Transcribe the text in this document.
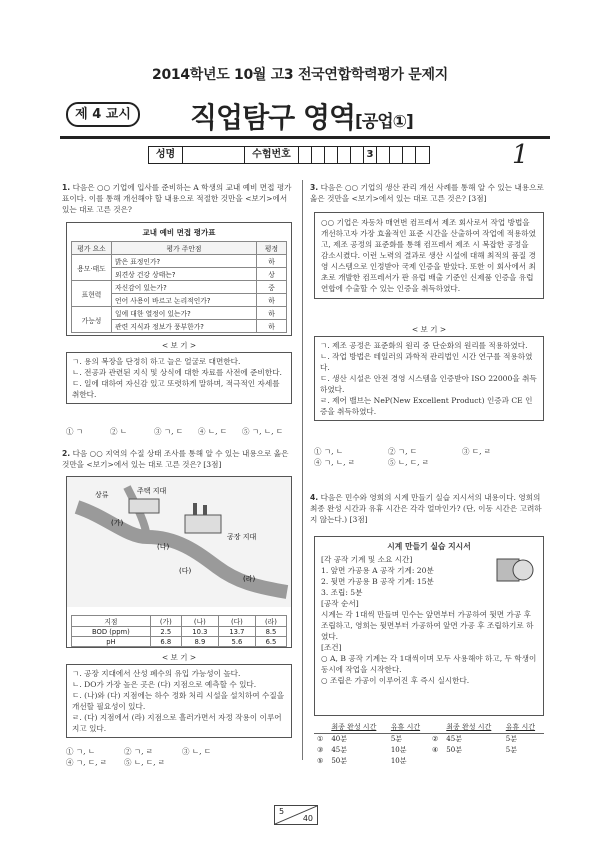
2014학년도 10월 고3 전국연합학력평가 문제지
제 4 교시	직업탐구 영역[공업①]
성명	수험번호	3	1
1. 다음은 ○○ 기업에 입사를 준비하는 A 학생의 교내 예비 면접 평가표이다. 이를 통해 개선해야 할 내용으로 적절한 것만을 <보기>에서 있는 대로 고른 것은?
교내 예비 면접 평가표
평가 요소	평가 주안점	평정
용모·태도	밝은 표정인가?	하
	외견상 건강 상태는?	상
표현력	자신감이 있는가?	중
	언어 사용이 바르고 논리적인가?	하
가능성	일에 대한 열정이 있는가?	하
	관련 지식과 정보가 풍부한가?	하
< 보 기 >
ㄱ. 용의 복장을 단정히 하고 늘은 얼굴로 대면한다.
ㄴ. 전공과 관련된 지식 및 상식에 대한 자료를 사전에 준비한다.
ㄷ. 일에 대하여 자신감 있고 또렷하게 말하며, 적극적인 자세를 취한다.
① ㄱ	② ㄴ	③ ㄱ, ㄷ	④ ㄴ, ㄷ	⑤ ㄱ, ㄴ, ㄷ
2. 다음 ○○ 지역의 수질 상태 조사를 통해 알 수 있는 내용으로 옳은 것만을 <보기>에서 있는 대로 고른 것은? [3점]
상류	주택 지대
공장 지대
(가)
(나)
(다)
(라)
지점	(가)	(나)	(다)	(라)
BOD (ppm)	2.5	10.3	13.7	8.5
pH	6.8	8.9	5.6	6.5
< 보 기 >
ㄱ. 공장 지대에서 산성 폐수의 유입 가능성이 높다.
ㄴ. DO가 가장 높은 곳은 (다) 지점으로 예측할 수 있다.
ㄷ. (나)와 (다) 지점에는 하수 정화 처리 시설을 설치하여 수질을 개선할 필요성이 있다.
ㄹ. (다) 지점에서 (라) 지점으로 흘러가면서 자정 작용이 이루어지고 있다.
① ㄱ, ㄴ	② ㄱ, ㄹ	③ ㄴ, ㄷ
④ ㄱ, ㄷ, ㄹ	⑤ ㄴ, ㄷ, ㄹ
3. 다음은 ○○ 기업의 생산 관리 개선 사례를 통해 알 수 있는 내용으로 옳은 것만을 <보기>에서 있는 대로 고른 것은? [3점]
○○ 기업은 자동차 매연번 컴프레서 제조 회사로서 작업 방법을 개선하고자 가장 효율적인 표준 시간을 산출하여 작업에 적용하였고, 제조 공정의 표준화를 통해 컴프레서 제조 시 복잡한 공정을 감소시켰다. 이런 노력의 결과로 생산 시설에 대해 최적의 품질 경영 시스템으로 인정받아 국제 인증을 받았다. 또한 이 회사에서 최초로 개발한 컴프레서가 판 유럽 배출 기준인 신제품 인증을 유럽 연합에 수출할 수 있는 인증을 취득하였다.
< 보 기 >
ㄱ. 제조 공정은 표준화의 원리 중 단순화의 원리를 적용하였다.
ㄴ. 작업 방법은 테일러의 과학적 관리법인 시간 연구를 적용하였다.
ㄷ. 생산 시설은 안전 경영 시스템을 인증받아 ISO 22000을 취득하였다.
ㄹ. 제어 밸브는 NeP(New Excellent Product) 인증과 CE 인증을 취득하였다.
① ㄱ, ㄴ	② ㄱ, ㄷ	③ ㄷ, ㄹ
④ ㄱ, ㄴ, ㄹ	⑤ ㄴ, ㄷ, ㄹ
4. 다음은 민수와 영희의 시계 만들기 실습 지시서의 내용이다. 영희의 최종 완성 시간과 유휴 시간은 각각 얼마인가? (단, 이동 시간은 고려하지 않는다.) [3점]
시계 만들기 실습 지시서
[각 공작 기계 및 소요 시간]
1. 앞면 가공용 A 공작 기계: 20분
2. 뒷면 가공용 B 공작 기계: 15분
3. 조립: 5분
[공작 순서]
시계는 각 1대씩 만들며 민수는 앞면부터 가공하여 뒷면 가공 후 조립하고, 영희는 뒷면부터 가공하여 앞면 가공 후 조립하기로 하였다.
[조건]
○ A, B 공작 기계는 각 1대씩이며 모두 사용해야 하고, 두 학생이 동시에 작업을 시작한다.
○ 조립은 가공이 이루어진 후 즉시 실시한다.
	최종 완성 시간	유휴 시간		최종 완성 시간	유휴 시간
①	40분	5분	②	45분	5분
③	45분	10분	④	50분	5분
⑤	50분	10분			
5
40
